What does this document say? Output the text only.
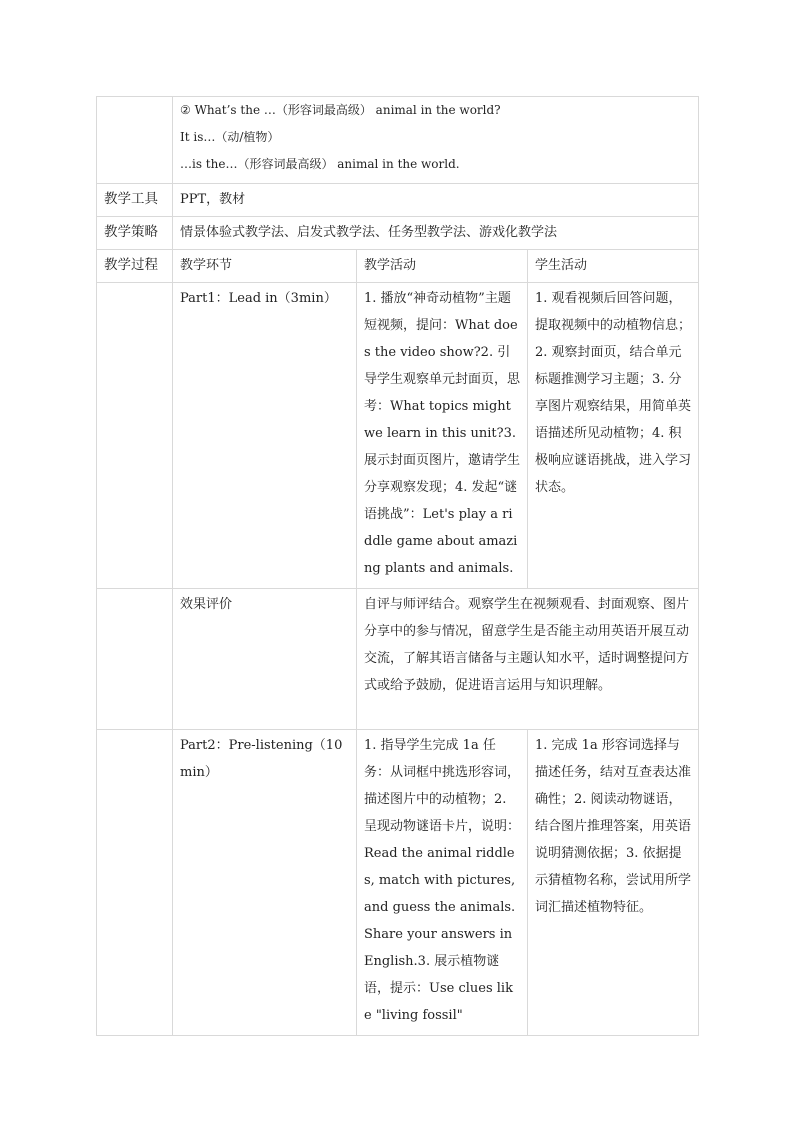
	② What’s the …（形容词最高级） animal in the world?
It is…（动/植物）
…is the…（形容词最高级） animal in the world.		

教学工具	PPT，教材		
教学策略	情景体验式教学法、启发式教学法、任务型教学法、游戏化教学法		
教学过程	教学环节	教学活动	学生活动
	Part1：Lead in（3min）	1. 播放“神奇动植物”主题短视频，提问：What does the video show?2. 引导学生观察单元封面页，思考：What topics might we learn in this unit?3. 展示封面页图片，邀请学生分享观察发现；4. 发起“谜语挑战”：Let's play a riddle game about amazing plants and animals.	1. 观看视频后回答问题，提取视频中的动植物信息；2. 观察封面页，结合单元标题推测学习主题；3. 分享图片观察结果，用简单英语描述所见动植物；4. 积极响应谜语挑战，进入学习状态。
	效果评价	自评与师评结合。观察学生在视频观看、封面观察、图片分享中的参与情况，留意学生是否能主动用英语开展互动交流，了解其语言储备与主题认知水平，适时调整提问方式或给予鼓励，促进语言运用与知识理解。	
	Part2：Pre-listening（10min）	1. 指导学生完成 1a 任务：从词框中挑选形容词，描述图片中的动植物；2. 呈现动物谜语卡片，说明：Read the animal riddles, match with pictures, and guess the animals. Share your answers in English.3. 展示植物谜语，提示：Use clues like "living fossil"	1. 完成 1a 形容词选择与描述任务，结对互查表达准确性；2. 阅读动物谜语，结合图片推理答案，用英语说明猜测依据；3. 依据提示猜植物名称，尝试用所学词汇描述植物特征。
